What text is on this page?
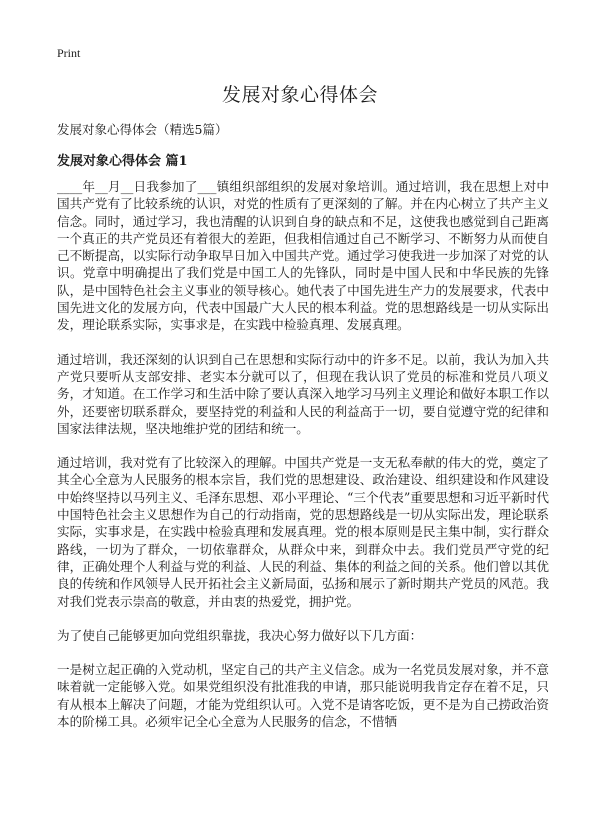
Print
发展对象心得体会
发展对象心得体会（精选5篇）
发展对象心得体会 篇1

____年__月__日我参加了___镇组织部组织的发展对象培训。通过培训，我在思想上对中国共产党有了比较系统的认识，对党的性质有了更深刻的了解。并在内心树立了共产主义信念。同时，通过学习，我也清醒的认识到自身的缺点和不足，这使我也感觉到自己距离一个真正的共产党员还有着很大的差距，但我相信通过自己不断学习、不断努力从而使自己不断提高，以实际行动争取早日加入中国共产党。通过学习使我进一步加深了对党的认识。党章中明确提出了我们党是中国工人的先锋队，同时是中国人民和中华民族的先锋队，是中国特色社会主义事业的领导核心。她代表了中国先进生产力的发展要求，代表中国先进文化的发展方向，代表中国最广大人民的根本利益。党的思想路线是一切从实际出发，理论联系实际，实事求是，在实践中检验真理、发展真理。

通过培训，我还深刻的认识到自己在思想和实际行动中的许多不足。以前，我认为加入共产党只要听从支部安排、老实本分就可以了，但现在我认识了党员的标准和党员八项义务，才知道。在工作学习和生活中除了要认真深入地学习马列主义理论和做好本职工作以外，还要密切联系群众，要坚持党的利益和人民的利益高于一切，要自觉遵守党的纪律和国家法律法规，坚决地维护党的团结和统一。

通过培训，我对党有了比较深入的理解。中国共产党是一支无私奉献的伟大的党，奠定了其全心全意为人民服务的根本宗旨，我们党的思想建设、政治建设、组织建设和作风建设中始终坚持以马列主义、毛泽东思想、邓小平理论、“三个代表”重要思想和习近平新时代中国特色社会主义思想作为自己的行动指南，党的思想路线是一切从实际出发，理论联系实际，实事求是，在实践中检验真理和发展真理。党的根本原则是民主集中制，实行群众路线，一切为了群众，一切依靠群众，从群众中来，到群众中去。我们党员严守党的纪律，正确处理个人利益与党的利益、人民的利益、集体的利益之间的关系。他们曾以其优良的传统和作风领导人民开拓社会主义新局面，弘扬和展示了新时期共产党员的风范。我对我们党表示崇高的敬意，并由衷的热爱党，拥护党。

为了使自己能够更加向党组织靠拢，我决心努力做好以下几方面：

一是树立起正确的入党动机，坚定自己的共产主义信念。成为一名党员发展对象，并不意味着就一定能够入党。如果党组织没有批准我的申请，那只能说明我肯定存在着不足，只有从根本上解决了问题，才能为党组织认可。入党不是请客吃饭，更不是为自己捞政治资本的阶梯工具。必须牢记全心全意为人民服务的信念，不惜牺
